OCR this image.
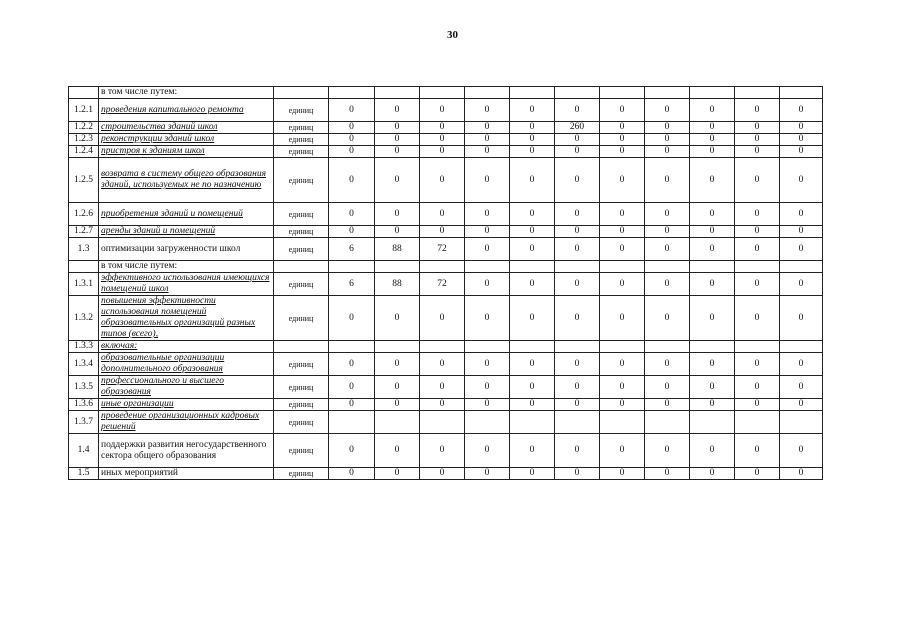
30
	в том числе путем:												
1.2.1	проведения капитального ремонта	единиц	0	0	0	0	0	0	0	0	0	0	0
1.2.2	строительства зданий школ	единиц	0	0	0	0	0	260	0	0	0	0	0
1.2.3	реконструкции зданий школ	единиц	0	0	0	0	0	0	0	0	0	0	0
1.2.4	пристроя к зданиям школ	единиц	0	0	0	0	0	0	0	0	0	0	0
1.2.5	возврата в систему общего образования зданий, используемых не по назначению	единиц	0	0	0	0	0	0	0	0	0	0	0
1.2.6	приобретения зданий и помещений	единиц	0	0	0	0	0	0	0	0	0	0	0
1.2.7	аренды зданий и помещений	единиц	0	0	0	0	0	0	0	0	0	0	0
1.3	оптимизации загруженности школ	единиц	6	88	72	0	0	0	0	0	0	0	0
	в том числе путем:												
1.3.1	эффективного использования имеющихся помещений школ	единиц	6	88	72	0	0	0	0	0	0	0	0
1.3.2	повышения эффективности использования помещений образовательных организаций разных типов (всего),	единиц	0	0	0	0	0	0	0	0	0	0	0
1.3.3	включая:												
1.3.4	образовательные организации дополнительного образования	единиц	0	0	0	0	0	0	0	0	0	0	0
1.3.5	профессионального и высшего образования	единиц	0	0	0	0	0	0	0	0	0	0	0
1.3.6	иные организации	единиц	0	0	0	0	0	0	0	0	0	0	0
1.3.7	проведение организационных кадровых решений	единиц											
1.4	поддержки развития негосударственного сектора общего образования	единиц	0	0	0	0	0	0	0	0	0	0	0
1.5	иных мероприятий	единиц	0	0	0	0	0	0	0	0	0	0	0
